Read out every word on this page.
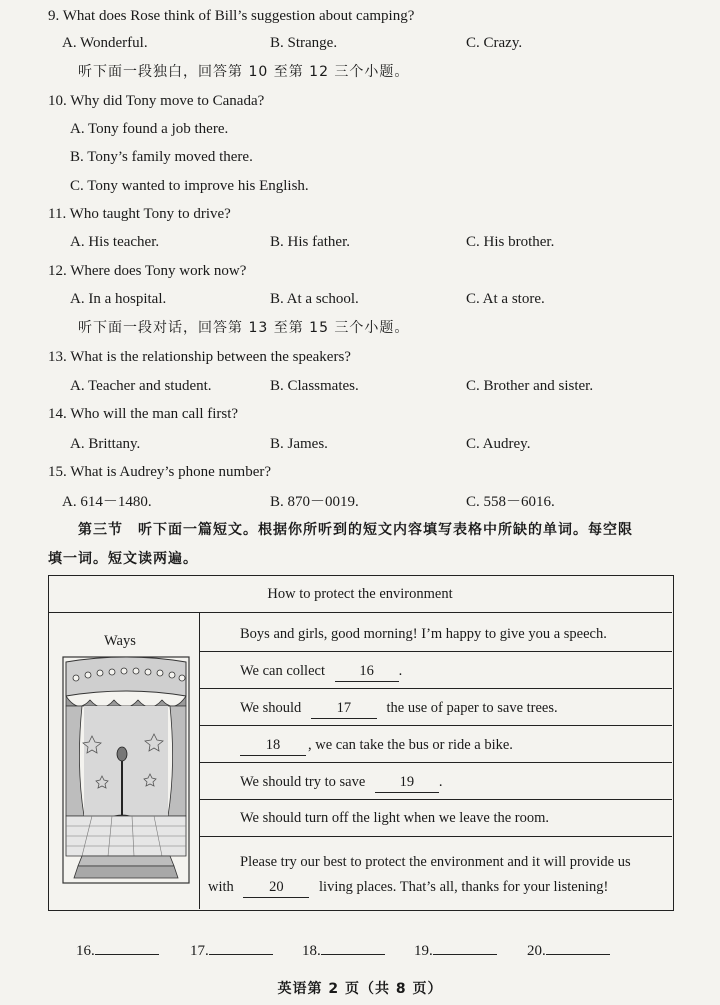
9. What does Rose think of Bill’s suggestion about camping?
A. Wonderful.	B. Strange.	C. Crazy.
听下面一段独白，回答第 10 至第 12 三个小题。
10. Why did Tony move to Canada?
A. Tony found a job there.
B. Tony’s family moved there.
C. Tony wanted to improve his English.
11. Who taught Tony to drive?
A. His teacher.	B. His father.	C. His brother.
12. Where does Tony work now?
A. In a hospital.	B. At a school.	C. At a store.
听下面一段对话，回答第 13 至第 15 三个小题。
13. What is the relationship between the speakers?
A. Teacher and student.	B. Classmates.	C. Brother and sister.
14. Who will the man call first?
A. Brittany.	B. James.	C. Audrey.
15. What is Audrey’s phone number?
A. 614－1480.	B. 870－0019.	C. 558－6016.
第三节　听下面一篇短文。根据你所听到的短文内容填写表格中所缺的单词。每空限
填一词。短文读两遍。
How to protect the environment
Ways	Boys and girls, good morning! I’m happy to give you a speech.
We can collect 16 .
We should 17 the use of paper to save trees.
18 , we can take the bus or ride a bike.
We should try to save 19 .
We should turn off the light when we leave the room.
Please try our best to protect the environment and it will provide us
with 20 living places. That’s all, thanks for your listening!
16.	17.	18.	19.	20.
英语第 2 页（共 8 页）
